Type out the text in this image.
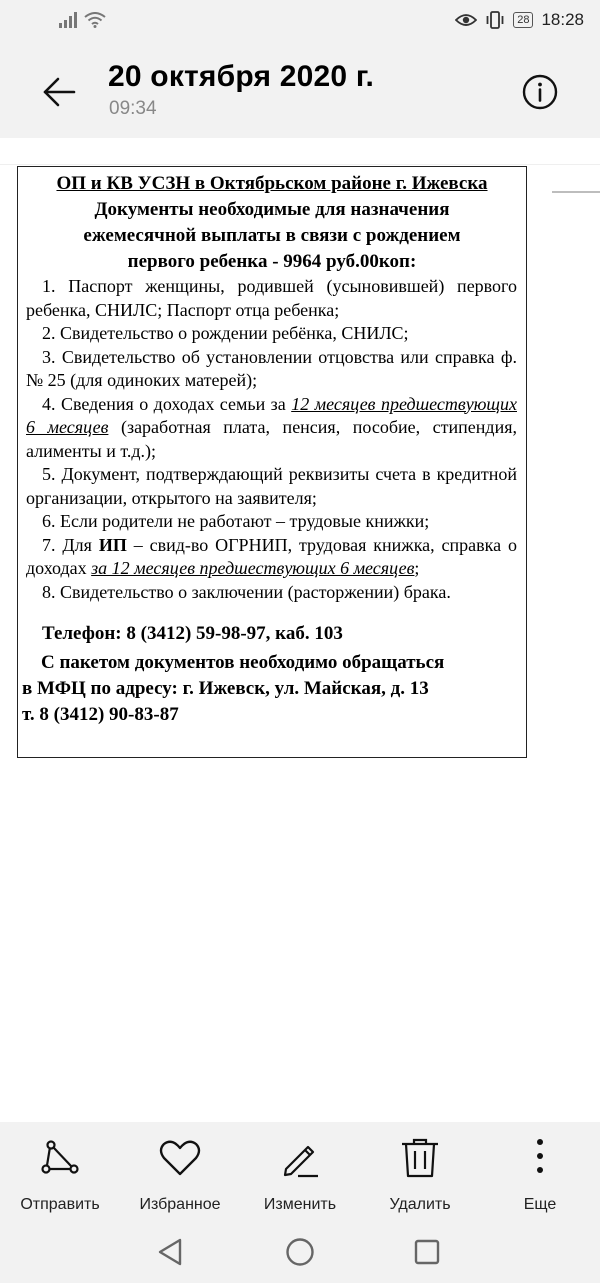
28 18:28
20 октября 2020 г.
09:34
ОП и КВ УСЗН в Октябрьском районе г. Ижевска
Документы необходимые для назначения
ежемесячной выплаты в связи с рождением
первого ребенка - 9964 руб.00коп:
1. Паспорт женщины, родившей (усыновившей) первого ребенка, СНИЛС; Паспорт отца ребенка;
2. Свидетельство о рождении ребёнка, СНИЛС;
3. Свидетельство об установлении отцовства или справка ф. № 25 (для одиноких матерей);
4. Сведения о доходах семьи за 12 месяцев предшествующих 6 месяцев (заработная плата, пенсия, пособие, стипендия, алименты и т.д.);
5. Документ, подтверждающий реквизиты счета в кредитной организации, открытого на заявителя;
6. Если родители не работают – трудовые книжки;
7. Для ИП – свид-во ОГРНИП, трудовая книжка, справка о доходах за 12 месяцев предшествующих 6 месяцев;
8. Свидетельство о заключении (расторжении) брака.
Телефон: 8 (3412) 59-98-97, каб. 103
С пакетом документов необходимо обращаться
в МФЦ по адресу: г. Ижевск, ул. Майская, д. 13
т. 8 (3412) 90-83-87
Отправить	Избранное	Изменить	Удалить	Еще
